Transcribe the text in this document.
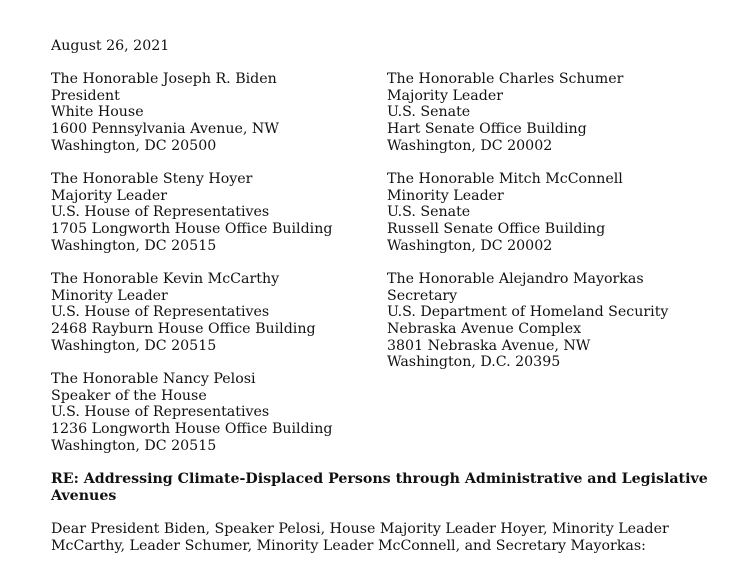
August 26, 2021
The Honorable Joseph R. Biden
President
White House
1600 Pennsylvania Avenue, NW
Washington, DC 20500
The Honorable Steny Hoyer
Majority Leader
U.S. House of Representatives
1705 Longworth House Office Building
Washington, DC 20515
The Honorable Kevin McCarthy
Minority Leader
U.S. House of Representatives
2468 Rayburn House Office Building
Washington, DC 20515
The Honorable Nancy Pelosi
Speaker of the House
U.S. House of Representatives
1236 Longworth House Office Building
Washington, DC 20515
The Honorable Charles Schumer
Majority Leader
U.S. Senate
Hart Senate Office Building
Washington, DC 20002
The Honorable Mitch McConnell
Minority Leader
U.S. Senate
Russell Senate Office Building
Washington, DC 20002
The Honorable Alejandro Mayorkas
Secretary
U.S. Department of Homeland Security
Nebraska Avenue Complex
3801 Nebraska Avenue, NW
Washington, D.C. 20395
RE: Addressing Climate-Displaced Persons through Administrative and Legislative
Avenues
Dear President Biden, Speaker Pelosi, House Majority Leader Hoyer, Minority Leader
McCarthy, Leader Schumer, Minority Leader McConnell, and Secretary Mayorkas:
